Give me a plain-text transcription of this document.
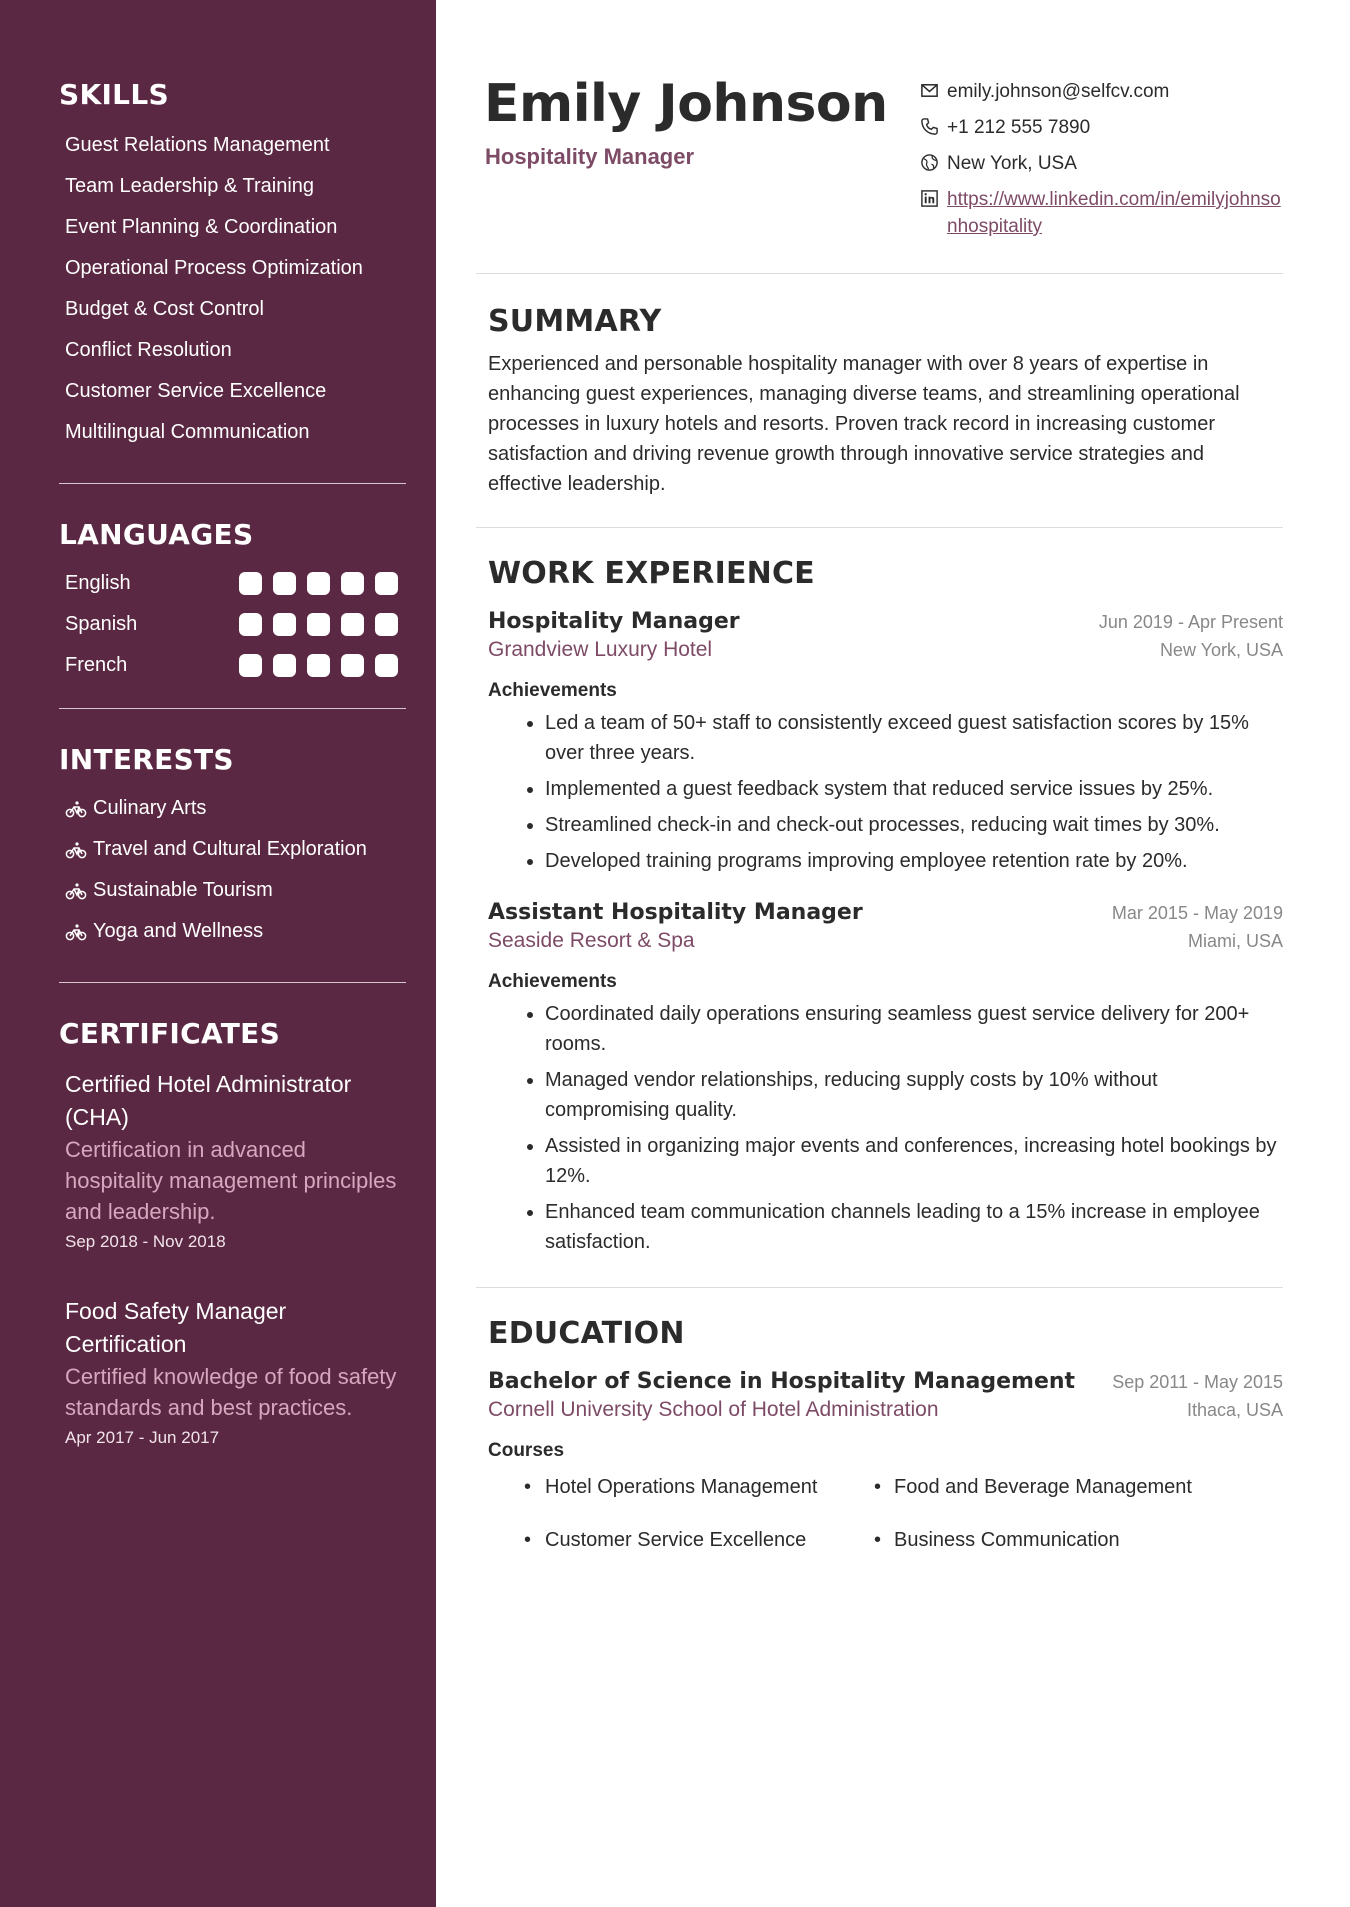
SKILLS
Guest Relations Management
Team Leadership & Training
Event Planning & Coordination
Operational Process Optimization
Budget & Cost Control
Conflict Resolution
Customer Service Excellence
Multilingual Communication
LANGUAGES
English
Spanish
French
INTERESTS
Culinary Arts
Travel and Cultural Exploration
Sustainable Tourism
Yoga and Wellness
CERTIFICATES
Certified Hotel Administrator (CHA)
Certification in advanced hospitality management principles and leadership.
Sep 2018 - Nov 2018
Food Safety Manager Certification
Certified knowledge of food safety standards and best practices.
Apr 2017 - Jun 2017
Emily Johnson
Hospitality Manager
emily.johnson@selfcv.com
+1 212 555 7890
New York, USA
https://www.linkedin.com/in/emilyjohnsonhospitality
SUMMARY

Experienced and personable hospitality manager with over 8 years of expertise in enhancing guest experiences, managing diverse teams, and streamlining operational processes in luxury hotels and resorts. Proven track record in increasing customer satisfaction and driving revenue growth through innovative service strategies and effective leadership.

WORK EXPERIENCE
Hospitality Manager	Jun 2019 - Apr Present
Grandview Luxury Hotel	New York, USA
Achievements
• Led a team of 50+ staff to consistently exceed guest satisfaction scores by 15% over three years.
• Implemented a guest feedback system that reduced service issues by 25%.
• Streamlined check-in and check-out processes, reducing wait times by 30%.
• Developed training programs improving employee retention rate by 20%.
Assistant Hospitality Manager	Mar 2015 - May 2019
Seaside Resort & Spa	Miami, USA
Achievements
• Coordinated daily operations ensuring seamless guest service delivery for 200+ rooms.
• Managed vendor relationships, reducing supply costs by 10% without compromising quality.
• Assisted in organizing major events and conferences, increasing hotel bookings by 12%.
• Enhanced team communication channels leading to a 15% increase in employee satisfaction.
EDUCATION
Bachelor of Science in Hospitality Management Sep 2011 - May 2015
Cornell University School of Hotel Administration	Ithaca, USA
Courses
• Hotel Operations Management	• Food and Beverage Management
• Customer Service Excellence	• Business Communication
